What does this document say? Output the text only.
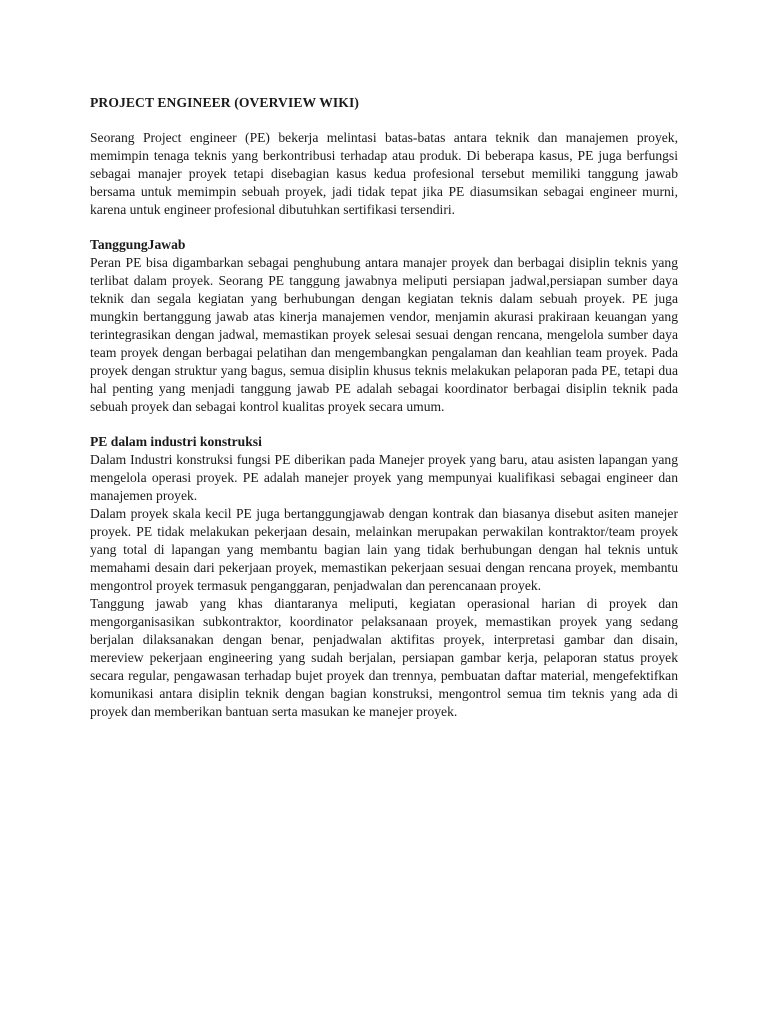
PROJECT ENGINEER (OVERVIEW WIKI)

Seorang Project engineer (PE) bekerja melintasi batas-batas antara teknik dan manajemen proyek, memimpin tenaga teknis yang berkontribusi terhadap atau produk. Di beberapa kasus, PE juga berfungsi sebagai manajer proyek tetapi disebagian kasus kedua profesional tersebut memiliki tanggung jawab bersama untuk memimpin sebuah proyek, jadi tidak tepat jika PE diasumsikan sebagai engineer murni, karena untuk engineer profesional dibutuhkan sertifikasi tersendiri.

TanggungJawab

Peran PE bisa digambarkan sebagai penghubung antara manajer proyek dan berbagai disiplin teknis yang terlibat dalam proyek. Seorang PE tanggung jawabnya meliputi persiapan jadwal,persiapan sumber daya teknik dan segala kegiatan yang berhubungan dengan kegiatan teknis dalam sebuah proyek. PE juga mungkin bertanggung jawab atas kinerja manajemen vendor, menjamin akurasi prakiraan keuangan yang terintegrasikan dengan jadwal, memastikan proyek selesai sesuai dengan rencana, mengelola sumber daya team proyek dengan berbagai pelatihan dan mengembangkan pengalaman dan keahlian team proyek. Pada proyek dengan struktur yang bagus, semua disiplin khusus teknis melakukan pelaporan pada PE, tetapi dua hal penting yang menjadi tanggung jawab PE adalah sebagai koordinator berbagai disiplin teknik pada sebuah proyek dan sebagai kontrol kualitas proyek secara umum.

PE dalam industri konstruksi

Dalam Industri konstruksi fungsi PE diberikan pada Manejer proyek yang baru, atau asisten lapangan yang mengelola operasi proyek. PE adalah manejer proyek yang mempunyai kualifikasi sebagai engineer dan manajemen proyek.

Dalam proyek skala kecil PE juga bertanggungjawab dengan kontrak dan biasanya disebut asiten manejer proyek. PE tidak melakukan pekerjaan desain, melainkan merupakan perwakilan kontraktor/team proyek yang total di lapangan yang membantu bagian lain yang tidak berhubungan dengan hal teknis untuk memahami desain dari pekerjaan proyek, memastikan pekerjaan sesuai dengan rencana proyek, membantu mengontrol proyek termasuk penganggaran, penjadwalan dan perencanaan proyek.

Tanggung jawab yang khas diantaranya meliputi, kegiatan operasional harian di proyek dan mengorganisasikan subkontraktor, koordinator pelaksanaan proyek, memastikan proyek yang sedang berjalan dilaksanakan dengan benar, penjadwalan aktifitas proyek, interpretasi gambar dan disain, mereview pekerjaan engineering yang sudah berjalan, persiapan gambar kerja, pelaporan status proyek secara regular, pengawasan terhadap bujet proyek dan trennya, pembuatan daftar material, mengefektifkan komunikasi antara disiplin teknik dengan bagian konstruksi, mengontrol semua tim teknis yang ada di proyek dan memberikan bantuan serta masukan ke manejer proyek.
